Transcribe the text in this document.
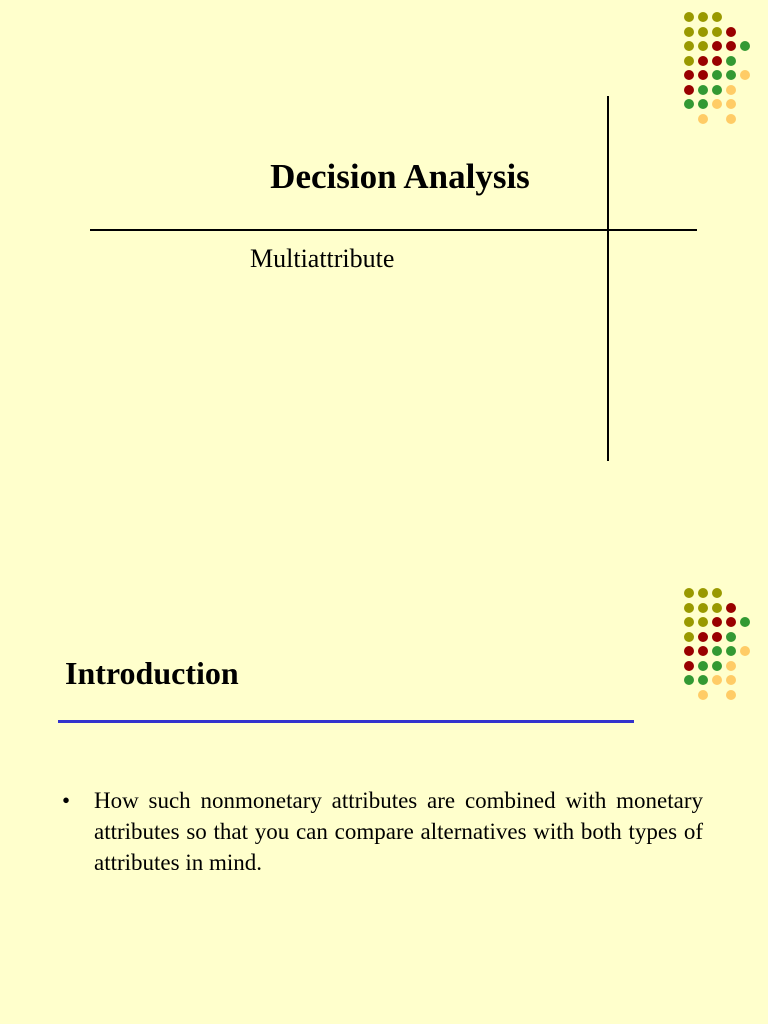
Decision Analysis

Multiattribute

Introduction
• How such nonmonetary attributes are combined with monetary attributes so that you can compare alternatives with both types of attributes in mind.
